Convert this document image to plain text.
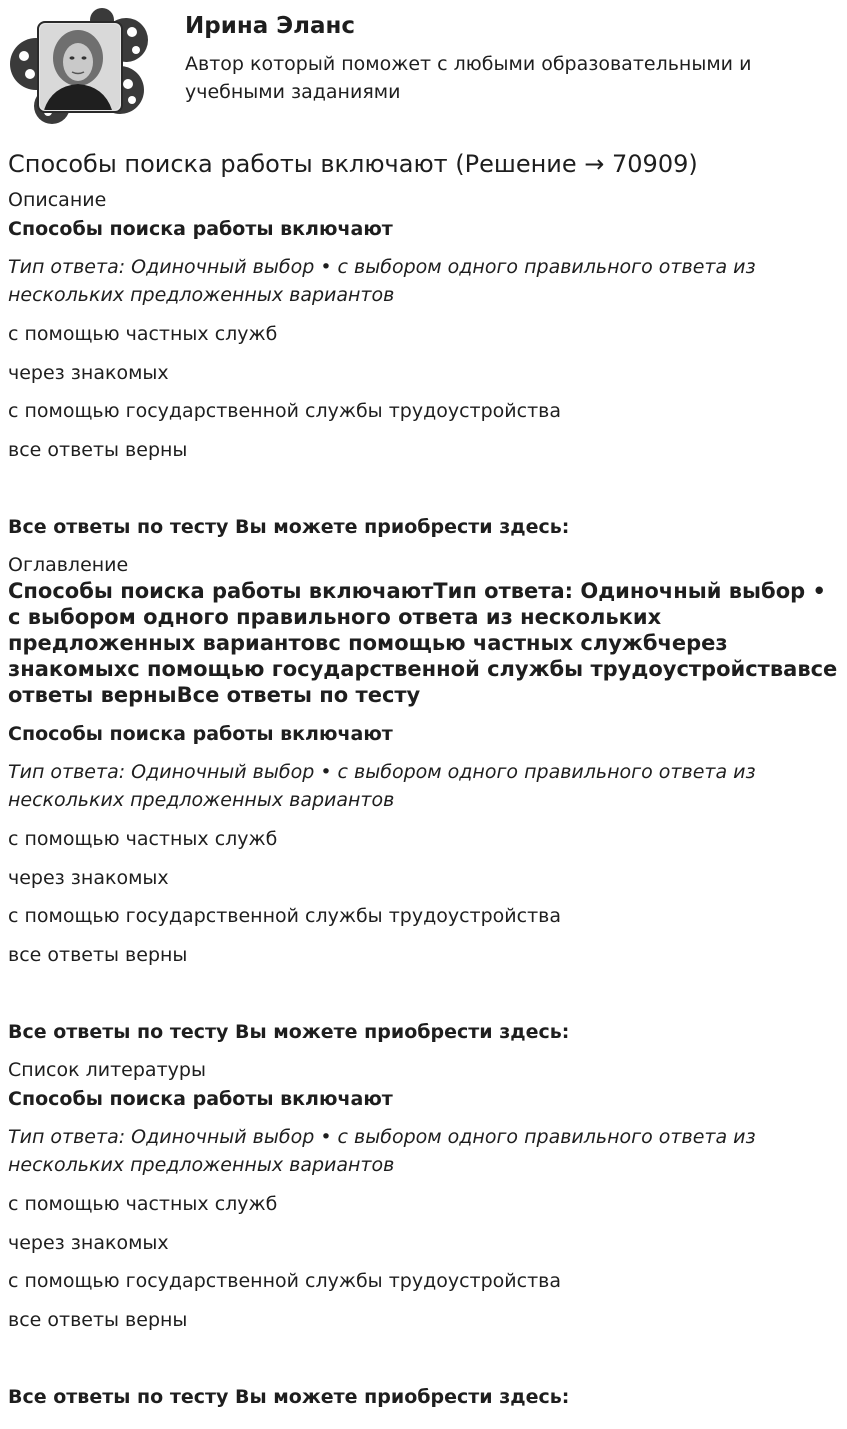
Ирина Эланс

Автор который поможет с любыми образовательными и учебными заданиями

Способы поиска работы включают (Решение → 70909)

Описание

Способы поиска работы включают

Тип ответа: Одиночный выбор • с выбором одного правильного ответа из нескольких предложенных вариантов

с помощью частных служб

через знакомых

с помощью государственной службы трудоустройства

все ответы верны

Все ответы по тесту Вы можете приобрести здесь:

Оглавление

Способы поиска работы включаютТип ответа: Одиночный выбор • с выбором одного правильного ответа из нескольких предложенных вариантовс помощью частных службчерез знакомыхс помощью государственной службы трудоустройствавсе ответы верныВсе ответы по тесту

Способы поиска работы включают

Тип ответа: Одиночный выбор • с выбором одного правильного ответа из нескольких предложенных вариантов

с помощью частных служб

через знакомых

с помощью государственной службы трудоустройства

все ответы верны

Все ответы по тесту Вы можете приобрести здесь:

Список литературы

Способы поиска работы включают

Тип ответа: Одиночный выбор • с выбором одного правильного ответа из нескольких предложенных вариантов

с помощью частных служб

через знакомых

с помощью государственной службы трудоустройства

все ответы верны

Все ответы по тесту Вы можете приобрести здесь:
